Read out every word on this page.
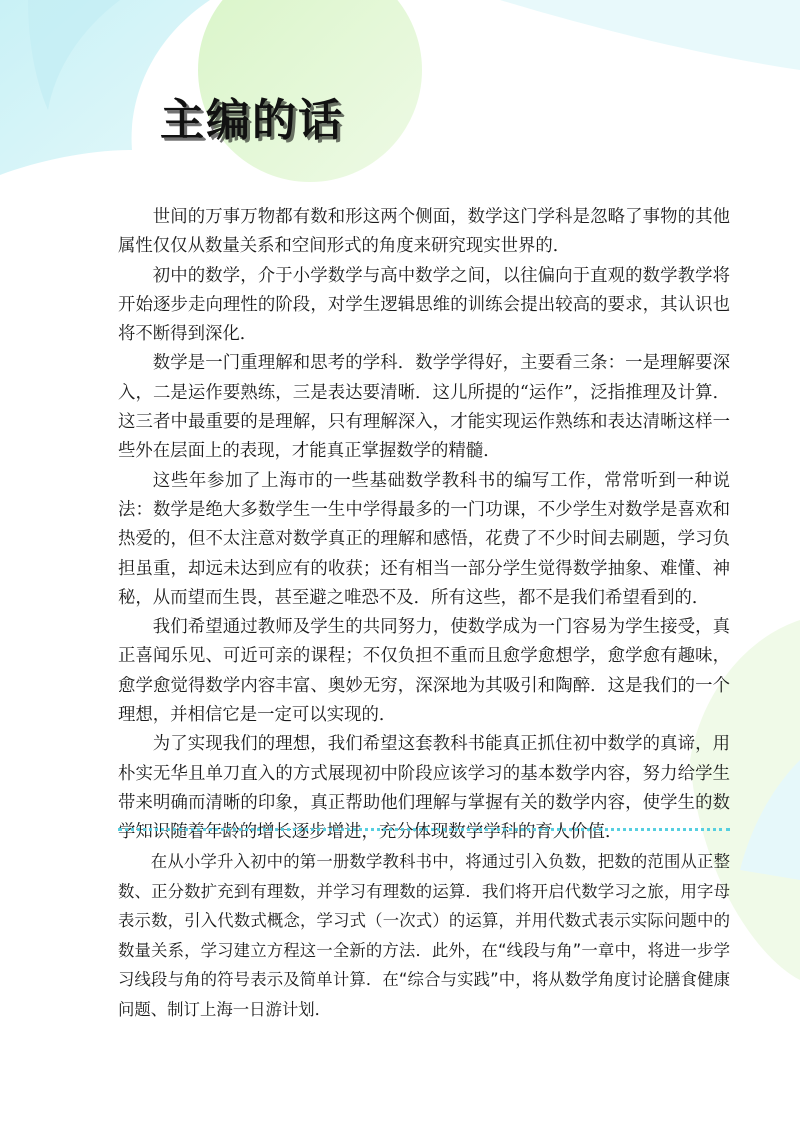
主编的话

世间的万事万物都有数和形这两个侧面，数学这门学科是忽略了事物的其他属性仅仅从数量关系和空间形式的角度来研究现实世界的．

初中的数学，介于小学数学与高中数学之间，以往偏向于直观的数学教学将开始逐步走向理性的阶段，对学生逻辑思维的训练会提出较高的要求，其认识也将不断得到深化．

数学是一门重理解和思考的学科．数学学得好，主要看三条：一是理解要深入，二是运作要熟练，三是表达要清晰．这儿所提的“运作”，泛指推理及计算．这三者中最重要的是理解，只有理解深入，才能实现运作熟练和表达清晰这样一些外在层面上的表现，才能真正掌握数学的精髓．

这些年参加了上海市的一些基础数学教科书的编写工作，常常听到一种说法：数学是绝大多数学生一生中学得最多的一门功课，不少学生对数学是喜欢和热爱的，但不太注意对数学真正的理解和感悟，花费了不少时间去刷题，学习负担虽重，却远未达到应有的收获；还有相当一部分学生觉得数学抽象、难懂、神秘，从而望而生畏，甚至避之唯恐不及．所有这些，都不是我们希望看到的．

我们希望通过教师及学生的共同努力，使数学成为一门容易为学生接受，真正喜闻乐见、可近可亲的课程；不仅负担不重而且愈学愈想学，愈学愈有趣味，愈学愈觉得数学内容丰富、奥妙无穷，深深地为其吸引和陶醉．这是我们的一个理想，并相信它是一定可以实现的．

为了实现我们的理想，我们希望这套教科书能真正抓住初中数学的真谛，用朴实无华且单刀直入的方式展现初中阶段应该学习的基本数学内容，努力给学生带来明确而清晰的印象，真正帮助他们理解与掌握有关的数学内容，使学生的数学知识随着年龄的增长逐步增进，充分体现数学学科的育人价值．

在从小学升入初中的第一册数学教科书中，将通过引入负数，把数的范围从正整数、正分数扩充到有理数，并学习有理数的运算．我们将开启代数学习之旅，用字母表示数，引入代数式概念，学习式（一次式）的运算，并用代数式表示实际问题中的数量关系，学习建立方程这一全新的方法．此外，在“线段与角”一章中，将进一步学习线段与角的符号表示及简单计算．在“综合与实践”中，将从数学角度讨论膳食健康问题、制订上海一日游计划．
